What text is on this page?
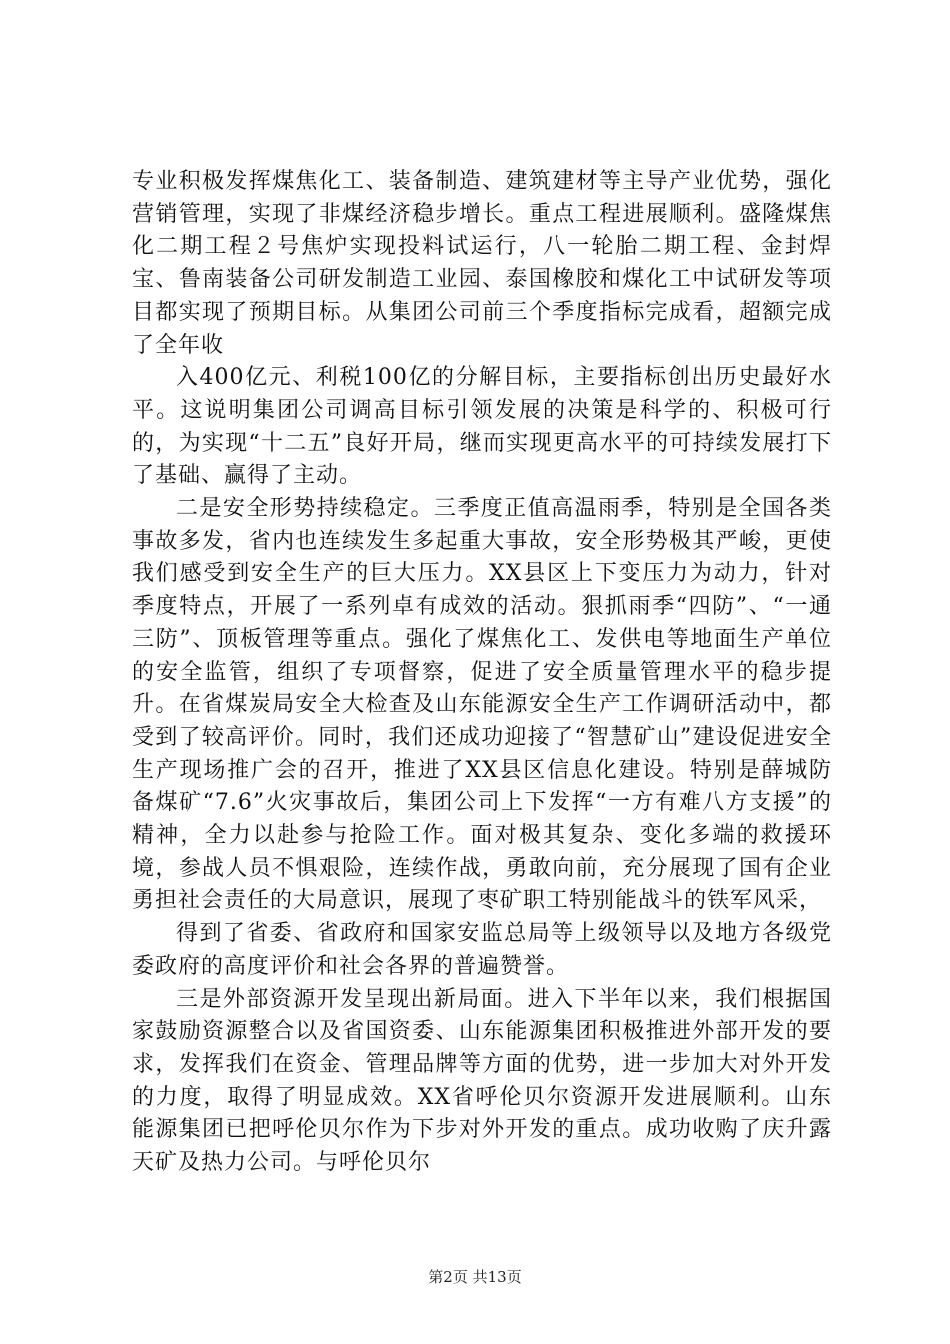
专业积极发挥煤焦化工、装备制造、建筑建材等主导产业优势，强化营销管理，实现了非煤经济稳步增长。重点工程进展顺利。盛隆煤焦化二期工程２号焦炉实现投料试运行，八一轮胎二期工程、金封焊宝、鲁南装备公司研发制造工业园、泰国橡胶和煤化工中试研发等项目都实现了预期目标。从集团公司前三个季度指标完成看，超额完成了全年收

入400亿元、利税100亿的分解目标，主要指标创出历史最好水平。这说明集团公司调高目标引领发展的决策是科学的、积极可行的，为实现“十二五”良好开局，继而实现更高水平的可持续发展打下了基础、赢得了主动。

二是安全形势持续稳定。三季度正值高温雨季，特别是全国各类事故多发，省内也连续发生多起重大事故，安全形势极其严峻，更使我们感受到安全生产的巨大压力。XX县区上下变压力为动力，针对季度特点，开展了一系列卓有成效的活动。狠抓雨季“四防”、“一通三防”、顶板管理等重点。强化了煤焦化工、发供电等地面生产单位的安全监管，组织了专项督察，促进了安全质量管理水平的稳步提升。在省煤炭局安全大检查及山东能源安全生产工作调研活动中，都受到了较高评价。同时，我们还成功迎接了“智慧矿山”建设促进安全生产现场推广会的召开，推进了XX县区信息化建设。特别是薛城防备煤矿“7.6”火灾事故后，集团公司上下发挥“一方有难八方支援”的精神，全力以赴参与抢险工作。面对极其复杂、变化多端的救援环境，参战人员不惧艰险，连续作战，勇敢向前，充分展现了国有企业勇担社会责任的大局意识，展现了枣矿职工特别能战斗的铁军风采，

得到了省委、省政府和国家安监总局等上级领导以及地方各级党委政府的高度评价和社会各界的普遍赞誉。

三是外部资源开发呈现出新局面。进入下半年以来，我们根据国家鼓励资源整合以及省国资委、山东能源集团积极推进外部开发的要求，发挥我们在资金、管理品牌等方面的优势，进一步加大对外开发的力度，取得了明显成效。XX省呼伦贝尔资源开发进展顺利。山东能源集团已把呼伦贝尔作为下步对外开发的重点。成功收购了庆升露天矿及热力公司。与呼伦贝尔

第2页 共13页
